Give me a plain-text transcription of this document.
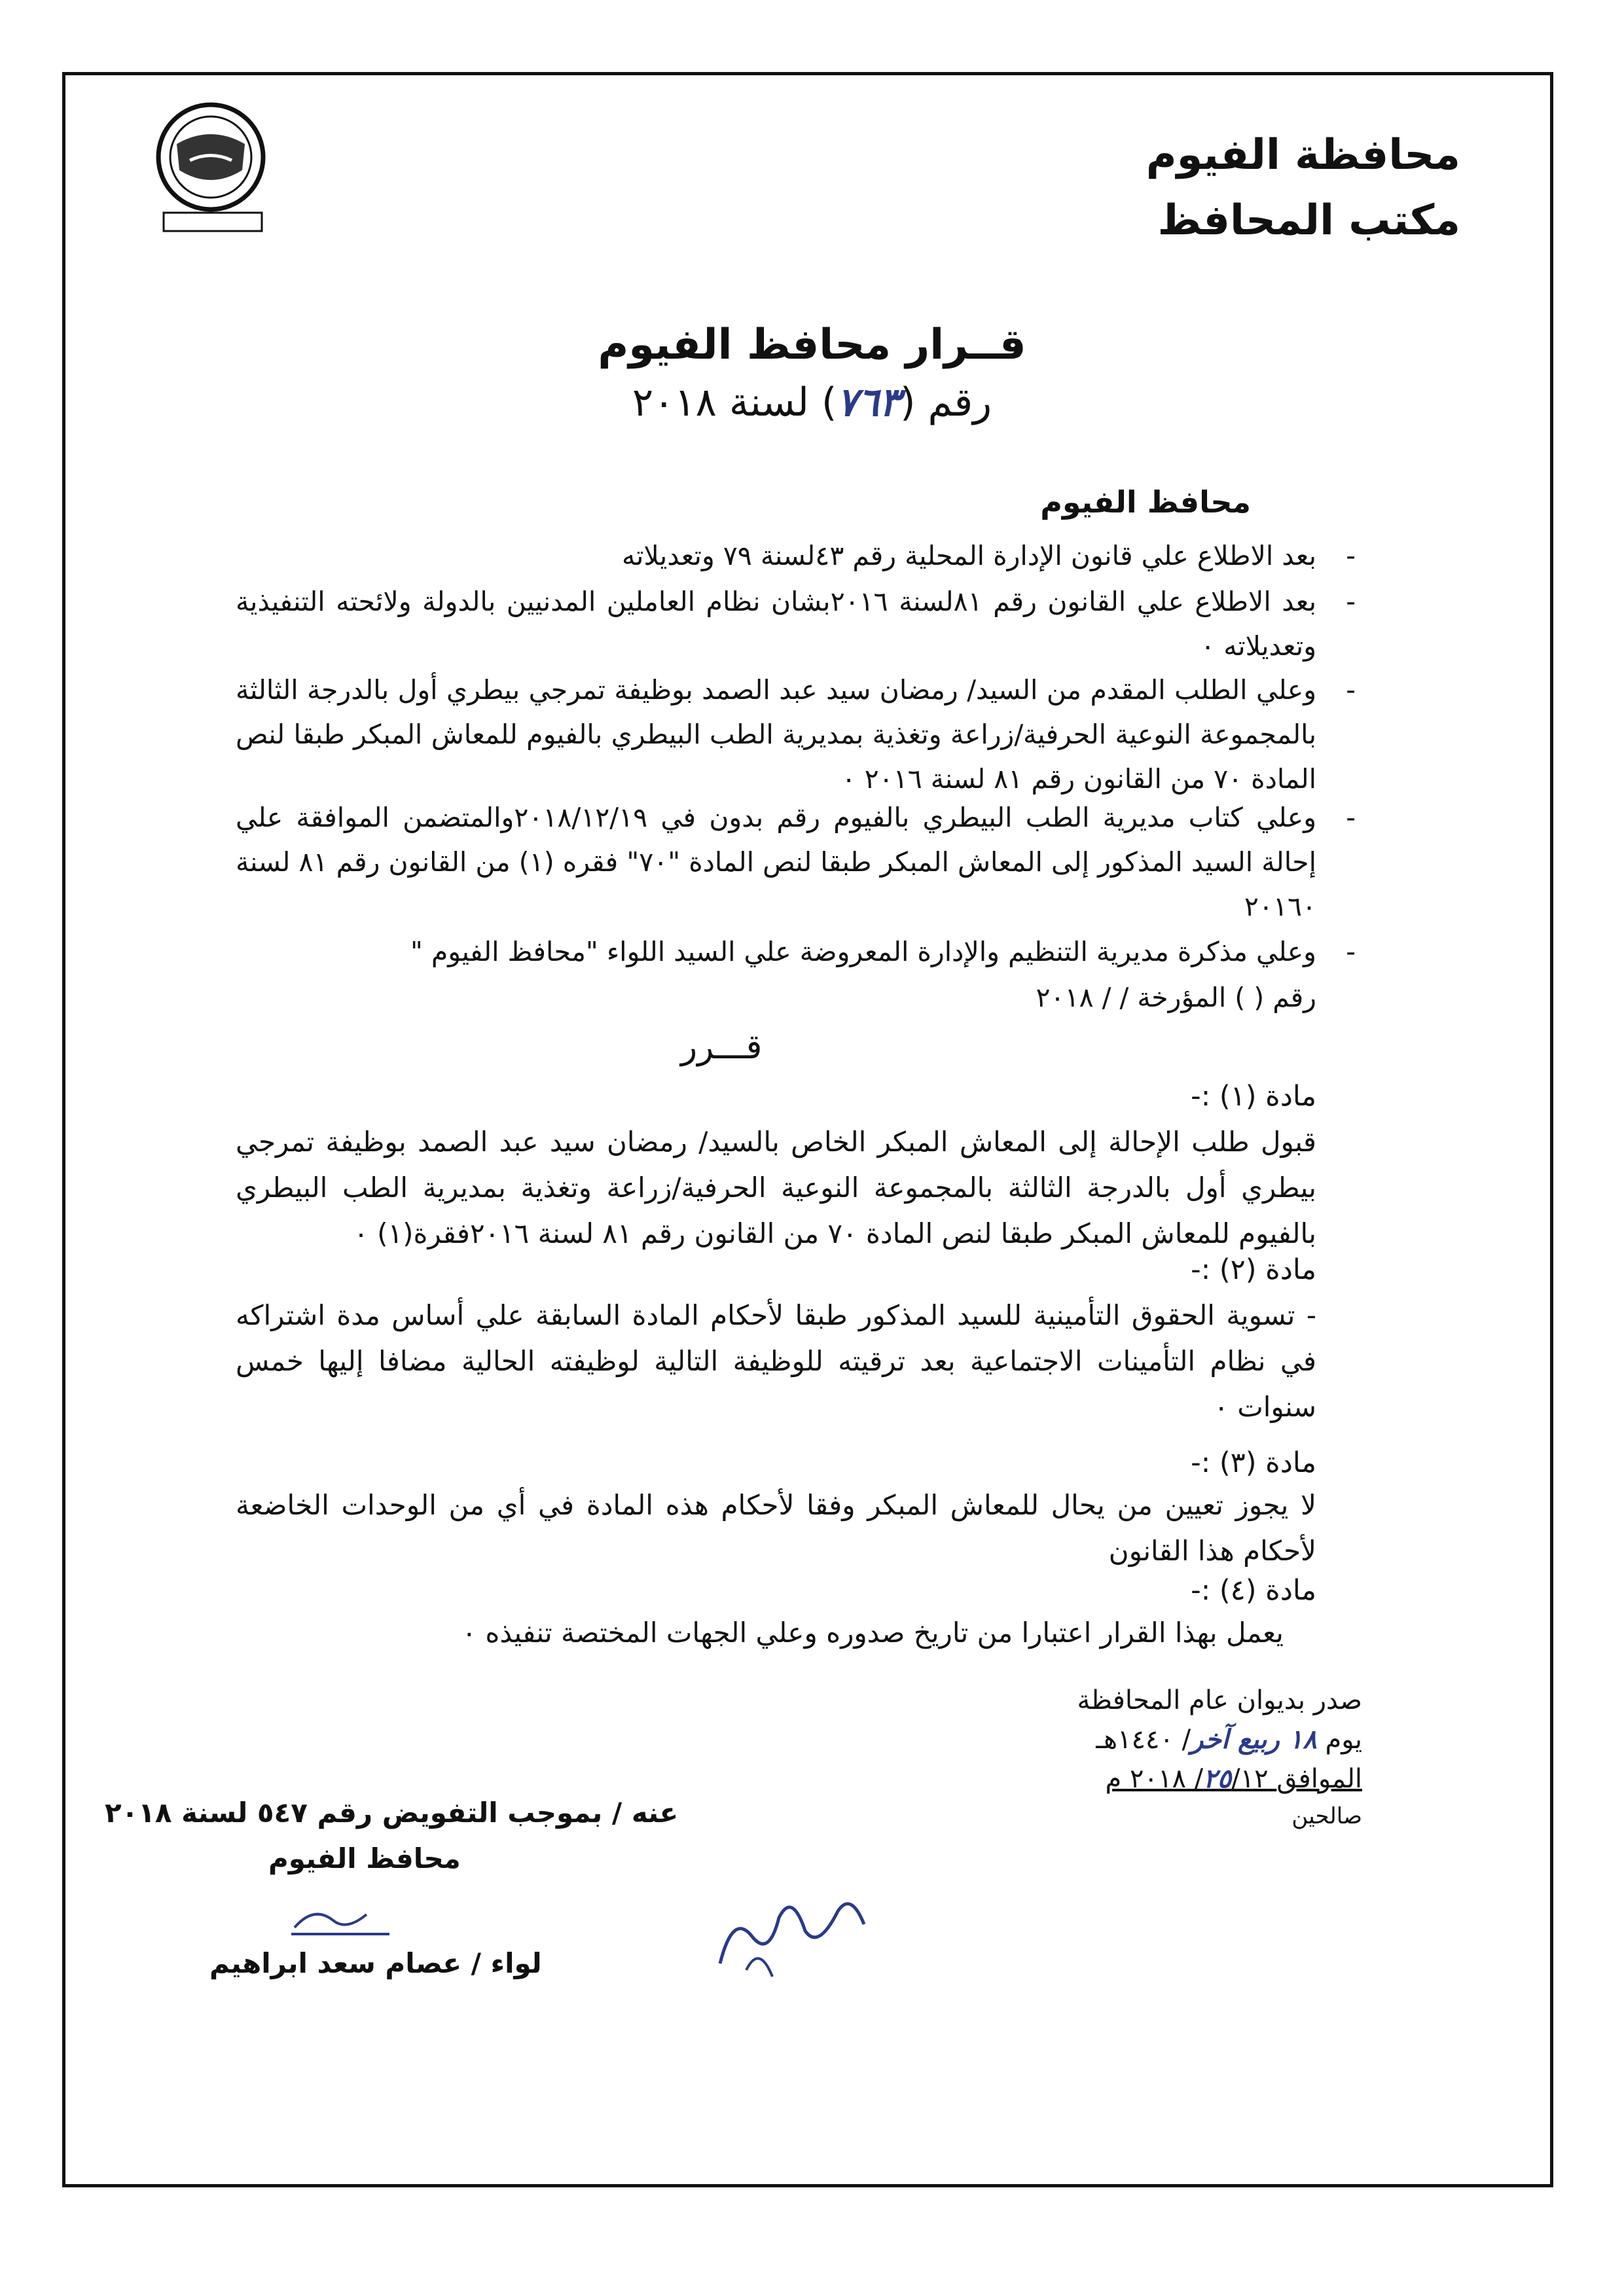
محافظة الفيوم
مكتب المحافظ
قــرار محافظ الفيوم
رقم (٧٦٣) لسنة ٢٠١٨
محافظ الفيوم
-
بعد الاطلاع علي قانون الإدارة المحلية رقم ٤٣لسنة ٧٩ وتعديلاته
-
بعد الاطلاع علي القانون رقم ٨١لسنة ٢٠١٦بشان نظام العاملين المدنيين بالدولة ولائحته التنفيذية وتعديلاته ٠
-
وعلي الطلب المقدم من السيد/ رمضان سيد عبد الصمد بوظيفة تمرجي بيطري أول بالدرجة الثالثة بالمجموعة النوعية الحرفية/زراعة وتغذية بمديرية الطب البيطري بالفيوم للمعاش المبكر طبقا لنص المادة ٧٠ من القانون رقم ٨١ لسنة ٢٠١٦ ٠
-
وعلي كتاب مديرية الطب البيطري بالفيوم رقم بدون في ٢٠١٨/١٢/١٩والمتضمن الموافقة علي إحالة السيد المذكور إلى المعاش المبكر طبقا لنص المادة "٧٠" فقره (١) من القانون رقم ٨١ لسنة ٢٠١٦٠
-
وعلي مذكرة مديرية التنظيم والإدارة المعروضة علي السيد اللواء "محافظ الفيوم "
رقم ( ) المؤرخة / / ٢٠١٨
قـــرر
مادة (١) :-
قبول طلب الإحالة إلى المعاش المبكر الخاص بالسيد/ رمضان سيد عبد الصمد بوظيفة تمرجي بيطري أول بالدرجة الثالثة بالمجموعة النوعية الحرفية/زراعة وتغذية بمديرية الطب البيطري بالفيوم للمعاش المبكر طبقا لنص المادة ٧٠ من القانون رقم ٨١ لسنة ٢٠١٦فقرة(١) ٠
مادة (٢) :-
- تسوية الحقوق التأمينية للسيد المذكور طبقا لأحكام المادة السابقة علي أساس مدة اشتراكه في نظام التأمينات الاجتماعية بعد ترقيته للوظيفة التالية لوظيفته الحالية مضافا إليها خمس سنوات ٠
مادة (٣) :-
لا يجوز تعيين من يحال للمعاش المبكر وفقا لأحكام هذه المادة في أي من الوحدات الخاضعة لأحكام هذا القانون
مادة (٤) :-
يعمل بهذا القرار اعتبارا من تاريخ صدوره وعلي الجهات المختصة تنفيذه ٠
صدر بديوان عام المحافظة
يوم ١٨ ربيع آخر/ ١٤٤٠هـ
الموافق ٢٥/١٢/ ٢٠١٨ م
صالحين
عنه / بموجب التفويض رقم ٥٤٧ لسنة ٢٠١٨
محافظ الفيوم
لواء / عصام سعد ابراهيم
